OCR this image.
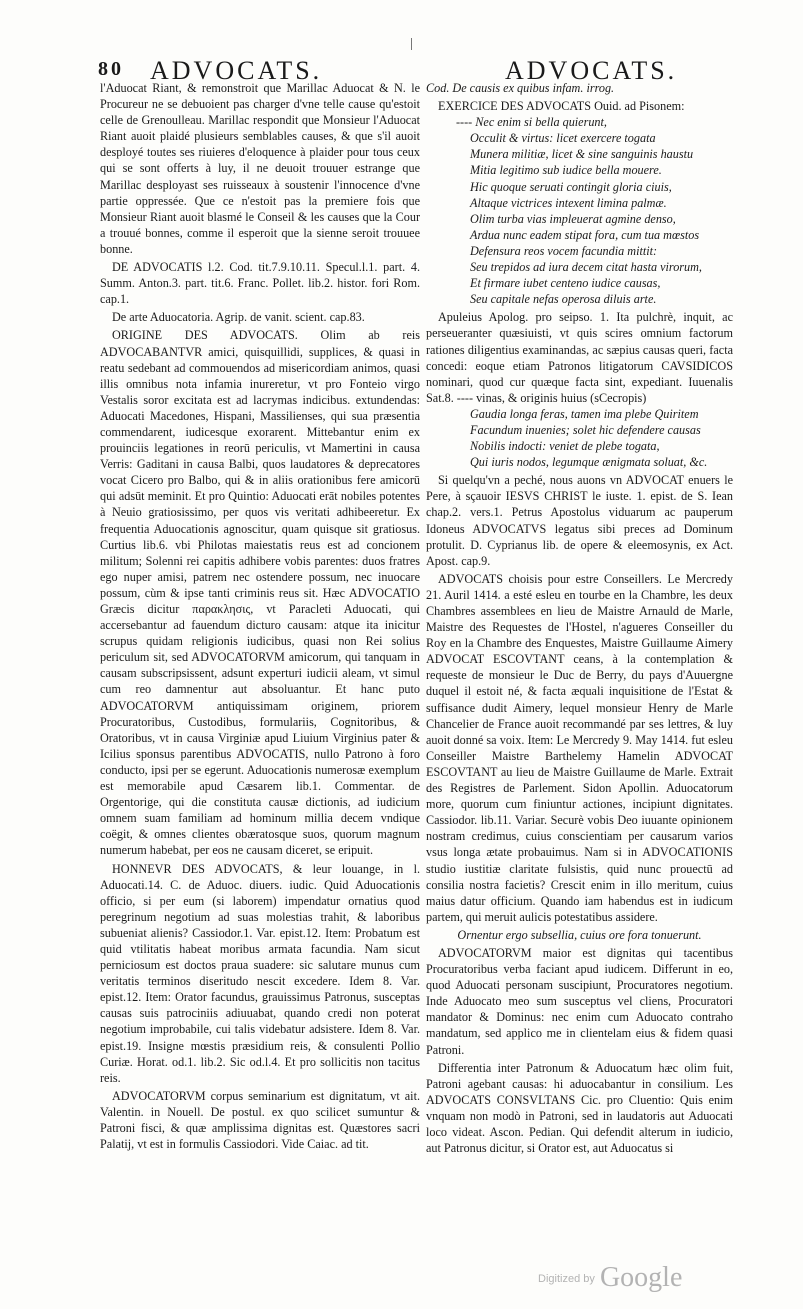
80 ADVOCATS.	ADVOCATS.

l'Aduocat Riant, & remonstroit que Marillac Aduocat & N. le Procureur ne se debuoient pas charger d'vne telle cause qu'estoit celle de Grenoulleau. Marillac respondit que Monsieur l'Aduocat Riant auoit plaidé plusieurs semblables causes, & que s'il auoit desployé toutes ses riuieres d'eloquence à plaider pour tous ceux qui se sont offerts à luy, il ne deuoit trouuer estrange que Marillac desployast ses ruisseaux à soustenir l'innocence d'vne partie oppressée. Que ce n'estoit pas la premiere fois que Monsieur Riant auoit blasmé le Conseil & les causes que la Cour a trouué bonnes, comme il esperoit que la sienne seroit trouuee bonne.

DE ADVOCATIS l.2. Cod. tit.7.9.10.11. Specul.l.1. part. 4. Summ. Anton.3. part. tit.6. Franc. Pollet. lib.2. histor. fori Rom. cap.1.

De arte Aduocatoria. Agrip. de vanit. scient. cap.83.

ORIGINE DES ADVOCATS. Olim ab reis ADVOCABANTVR amici, quisquillidi, supplices, & quasi in reatu sedebant ad commouendos ad misericordiam animos, quasi illis omnibus nota infamia inureretur, vt pro Fonteio virgo Vestalis soror excitata est ad lacrymas indicibus. extundendas: Aduocati Macedones, Hispani, Massilienses, qui sua præsentia commendarent, iudicesque exorarent. Mittebantur enim ex prouinciis legationes in reorū periculis, vt Mamertini in causa Verris: Gaditani in causa Balbi, quos laudatores & deprecatores vocat Cicero pro Balbo, qui & in aliis orationibus fere amicorū qui adsūt meminit. Et pro Quintio: Aduocati erāt nobiles potentes à Neuio gratiosissimo, per quos vis veritati adhibeeretur. Ex frequentia Aduocationis agnoscitur, quam quisque sit gratiosus. Curtius lib.6. vbi Philotas maiestatis reus est ad concionem militum; Solenni rei capitis adhibere vobis parentes: duos fratres ego nuper amisi, patrem nec ostendere possum, nec inuocare possum, cùm & ipse tanti criminis reus sit. Hæc ADVOCATIO Græcis dicitur παρακλησις, vt Paracleti Aduocati, qui accersebantur ad fauendum dicturo causam: atque ita inicitur scrupus quidam religionis iudicibus, quasi non Rei solius periculum sit, sed ADVOCATORVM amicorum, qui tanquam in causam subscripsissent, adsunt experturi iudicii aleam, vt simul cum reo damnentur aut absoluantur. Et hanc puto ADVOCATORVM antiquissimam originem, priorem Procuratoribus, Custodibus, formulariis, Cognitoribus, & Oratoribus, vt in causa Virginiæ apud Liuium Virginius pater & Icilius sponsus parentibus ADVOCATIS, nullo Patrono à foro conducto, ipsi per se egerunt. Aduocationis numerosæ exemplum est memorabile apud Cæsarem lib.1. Commentar. de Orgentorige, qui die constituta causæ dictionis, ad iudicium omnem suam familiam ad hominum millia decem vndique coëgit, & omnes clientes obæratosque suos, quorum magnum numerum habebat, per eos ne causam diceret, se eripuit.

HONNEVR DES ADVOCATS, & leur louange, in l. Aduocati.14. C. de Aduoc. diuers. iudic. Quid Aduocationis officio, si per eum (si laborem) impendatur ornatius quod peregrinum negotium ad suas molestias trahit, & laboribus subueniat alienis? Cassiodor.1. Var. epist.12. Item: Probatum est quid vtilitatis habeat moribus armata facundia. Nam sicut perniciosum est doctos praua suadere: sic salutare munus cum veritatis terminos diseritudo nescit excedere. Idem 8. Var. epist.12. Item: Orator facundus, grauissimus Patronus, susceptas causas suis patrociniis adiuuabat, quando credi non poterat negotium improbabile, cui talis videbatur adsistere. Idem 8. Var. epist.19. Insigne mœstis præsidium reis, & consulenti Pollio Curiæ. Horat. od.1. lib.2. Sic od.l.4. Et pro sollicitis non tacitus reis.

ADVOCATORVM corpus seminarium est dignitatum, vt ait. Valentin. in Nouell. De postul. ex quo scilicet sumuntur & Patroni fisci, & quæ amplissima dignitas est. Quæstores sacri Palatij, vt est in formulis Cassiodori. Vide Caiac. ad tit.

Cod. De causis ex quibus infam. irrog.

EXERCICE DES ADVOCATS Ouid. ad Pisonem:

---- Nec enim si bella quierunt,

Occulit & virtus: licet exercere togata

Munera militiæ, licet & sine sanguinis haustu

Mitia legitimo sub iudice bella mouere.

Hic quoque seruati contingit gloria ciuis,

Altaque victrices intexent limina palmæ.

Olim turba vias impleuerat agmine denso,

Ardua nunc eadem stipat fora, cum tua mœstos

Defensura reos vocem facundia mittit:

Seu trepidos ad iura decem citat hasta virorum,

Et firmare iubet centeno iudice causas,

Seu capitale nefas operosa diluis arte.

Apuleius Apolog. pro seipso. 1. Ita pulchrè, inquit, ac perseueranter quæsiuisti, vt quis scires omnium factorum rationes diligentius examinandas, ac sæpius causas queri, facta concedi: eoque etiam Patronos litigatorum CAVSIDICOS nominari, quod cur quæque facta sint, expediant. Iuuenalis Sat.8. ---- vinas, & originis huius (sCecropis)

Gaudia longa feras, tamen ima plebe Quiritem

Facundum inuenies; solet hic defendere causas

Nobilis indocti: veniet de plebe togata,

Qui iuris nodos, legumque ænigmata soluat, &c.

Si quelqu'vn a peché, nous auons vn ADVOCAT enuers le Pere, à sçauoir IESVS CHRIST le iuste. 1. epist. de S. Iean chap.2. vers.1. Petrus Apostolus viduarum ac pauperum Idoneus ADVOCATVS legatus sibi preces ad Dominum protulit. D. Cyprianus lib. de opere & eleemosynis, ex Act. Apost. cap.9.

ADVOCATS choisis pour estre Conseillers. Le Mercredy 21. Auril 1414. a esté esleu en tourbe en la Chambre, les deux Chambres assemblees en lieu de Maistre Arnauld de Marle, Maistre des Requestes de l'Hostel, n'agueres Conseiller du Roy en la Chambre des Enquestes, Maistre Guillaume Aimery ADVOCAT ESCOVTANT ceans, à la contemplation & requeste de monsieur le Duc de Berry, du pays d'Auuergne duquel il estoit né, & facta æquali inquisitione de l'Estat & suffisance dudit Aimery, lequel monsieur Henry de Marle Chancelier de France auoit recommandé par ses lettres, & luy auoit donné sa voix. Item: Le Mercredy 9. May 1414. fut esleu Conseiller Maistre Barthelemy Hamelin ADVOCAT ESCOVTANT au lieu de Maistre Guillaume de Marle. Extrait des Registres de Parlement. Sidon Apollin. Aduocatorum more, quorum cum finiuntur actiones, incipiunt dignitates. Cassiodor. lib.11. Variar. Securè vobis Deo iuuante opinionem nostram credimus, cuius conscientiam per causarum varios vsus longa ætate probauimus. Nam si in ADVOCATIONIS studio iustitiæ claritate fulsistis, quid nunc prouectū ad consilia nostra facietis? Crescit enim in illo meritum, cuius maius datur officium. Quando iam habendus est in iudicum partem, qui meruit aulicis potestatibus assidere.

Ornentur ergo subsellia, cuius ore fora tonuerunt.

ADVOCATORVM maior est dignitas qui tacentibus Procuratoribus verba faciant apud iudicem. Differunt in eo, quod Aduocati personam suscipiunt, Procuratores negotium. Inde Aduocato meo sum susceptus vel cliens, Procuratori mandator & Dominus: nec enim cum Aduocato contraho mandatum, sed applico me in clientelam eius & fidem quasi Patroni.

Differentia inter Patronum & Aduocatum hæc olim fuit, Patroni agebant causas: hi aduocabantur in consilium. Les ADVOCATS CONSVLTANS Cic. pro Cluentio: Quis enim vnquam non modò in Patroni, sed in laudatoris aut Aduocati loco videat. Ascon. Pedian. Qui defendit alterum in iudicio, aut Patronus dicitur, si Orator est, aut Aduocatus si

$^{Digitized by}$ Google
